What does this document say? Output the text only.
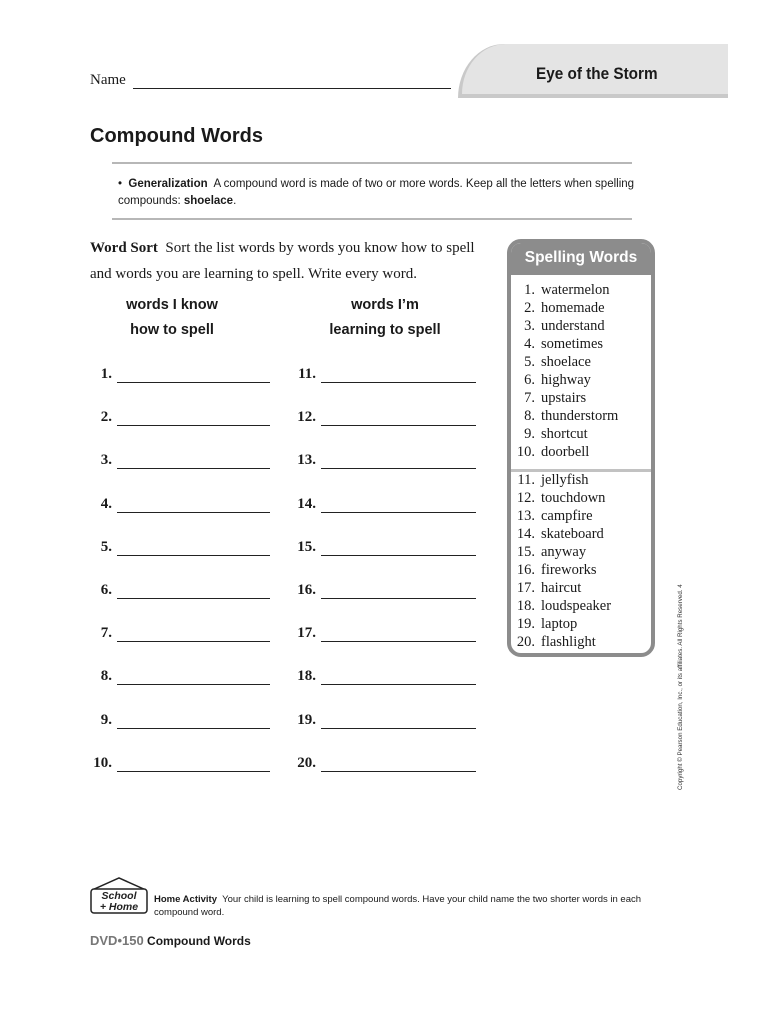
Name	Eye of the Storm
Compound Words
• Generalization A compound word is made of two or more words. Keep all the letters when spelling compounds: shoelace.
Word Sort Sort the list words by words you know how to spell and words you are learning to spell. Write every word.
words I know
how to spell
words I’m
learning to spell
1.
2.
3.
4.
5.
6.
7.
8.
9.
10.
11.
12.
13.
14.
15.
16.
17.
18.
19.
20.
Spelling Words
1. watermelon
2. homemade
3. understand
4. sometimes
5. shoelace
6. highway
7. upstairs
8. thunderstorm
9. shortcut
10. doorbell
11. jellyfish
12. touchdown
13. campfire
14. skateboard
15. anyway
16. fireworks
17. haircut
18. loudspeaker
19. laptop
20. flashlight	Copyright © Pearson Education, Inc., or its affiliates. All Rights Reserved. 4
School
+ Home
Home Activity Your child is learning to spell compound words. Have your child name the two shorter words in each compound word.
DVD•150 Compound Words
